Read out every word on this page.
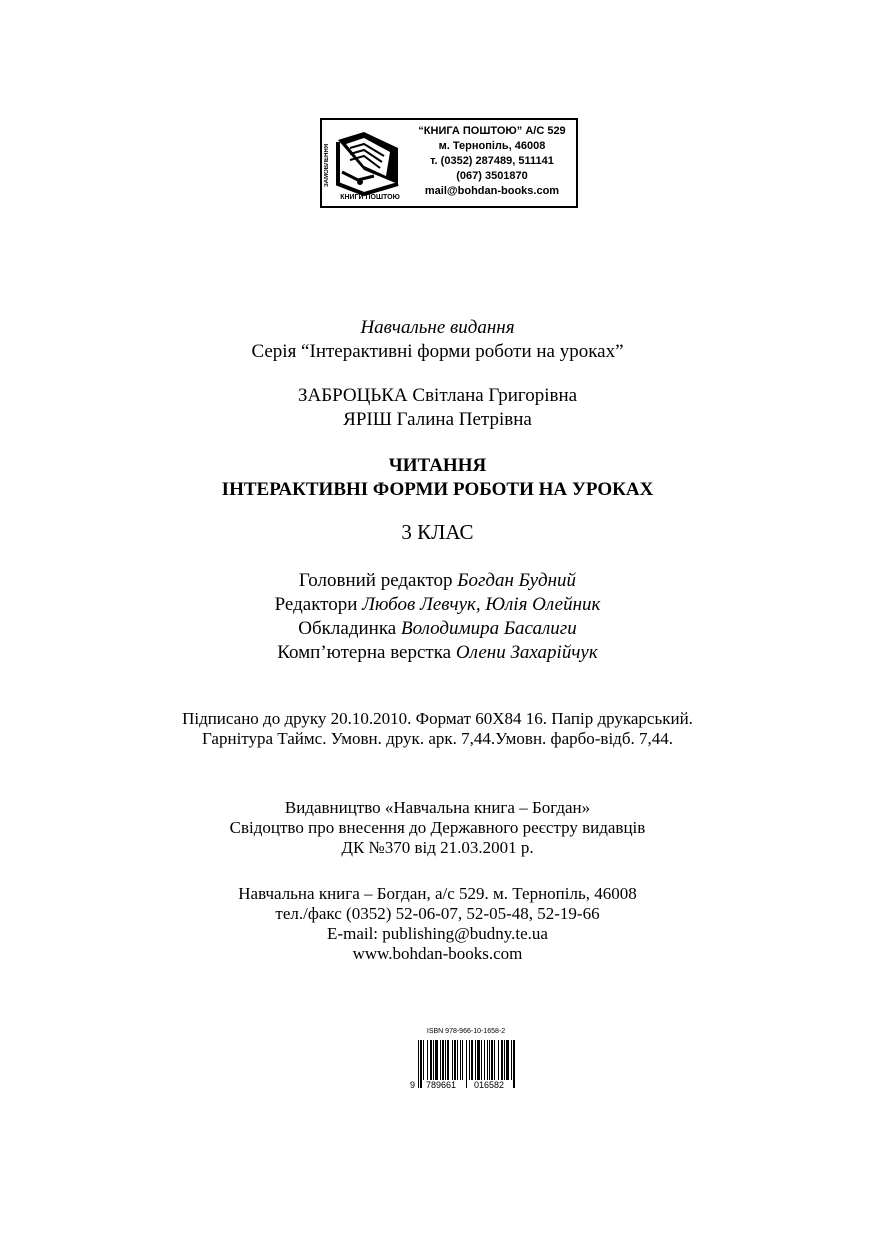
ЗАМОВЛЕННЯ
КНИГИ ПОШТОЮ
“КНИГА ПОШТОЮ” А/С 529
м. Тернопіль, 46008
т. (0352) 287489, 511141
(067) 3501870
mail@bohdan-books.com
Навчальне видання
Серія “Інтерактивні форми роботи на уроках”
ЗАБРОЦЬКА Світлана Григорівна
ЯРІШ Галина Петрівна
ЧИТАННЯ
ІНТЕРАКТИВНІ ФОРМИ РОБОТИ НА УРОКАХ
3 КЛАС
Головний редактор Богдан Будний
Редактори Любов Левчук, Юлія Олейник
Обкладинка Володимира Басалиги
Комп’ютерна верстка Олени Захарійчук
Підписано до друку 20.10.2010. Формат 60Х84 16. Папір друкарський.
Гарнітура Таймс. Умовн. друк. арк. 7,44.Умовн. фарбо-відб. 7,44.
Видавництво «Навчальна книга – Богдан»
Свідоцтво про внесення до Державного реєстру видавців
ДК №370 від 21.03.2001 р.
Навчальна книга – Богдан, а/с 529. м. Тернопіль, 46008
тел./факс (0352) 52-06-07, 52-05-48, 52-19-66
E-mail: publishing@budny.te.ua
www.bohdan-books.com
ISBN 978-966-10-1658-2
9 789661 016582
